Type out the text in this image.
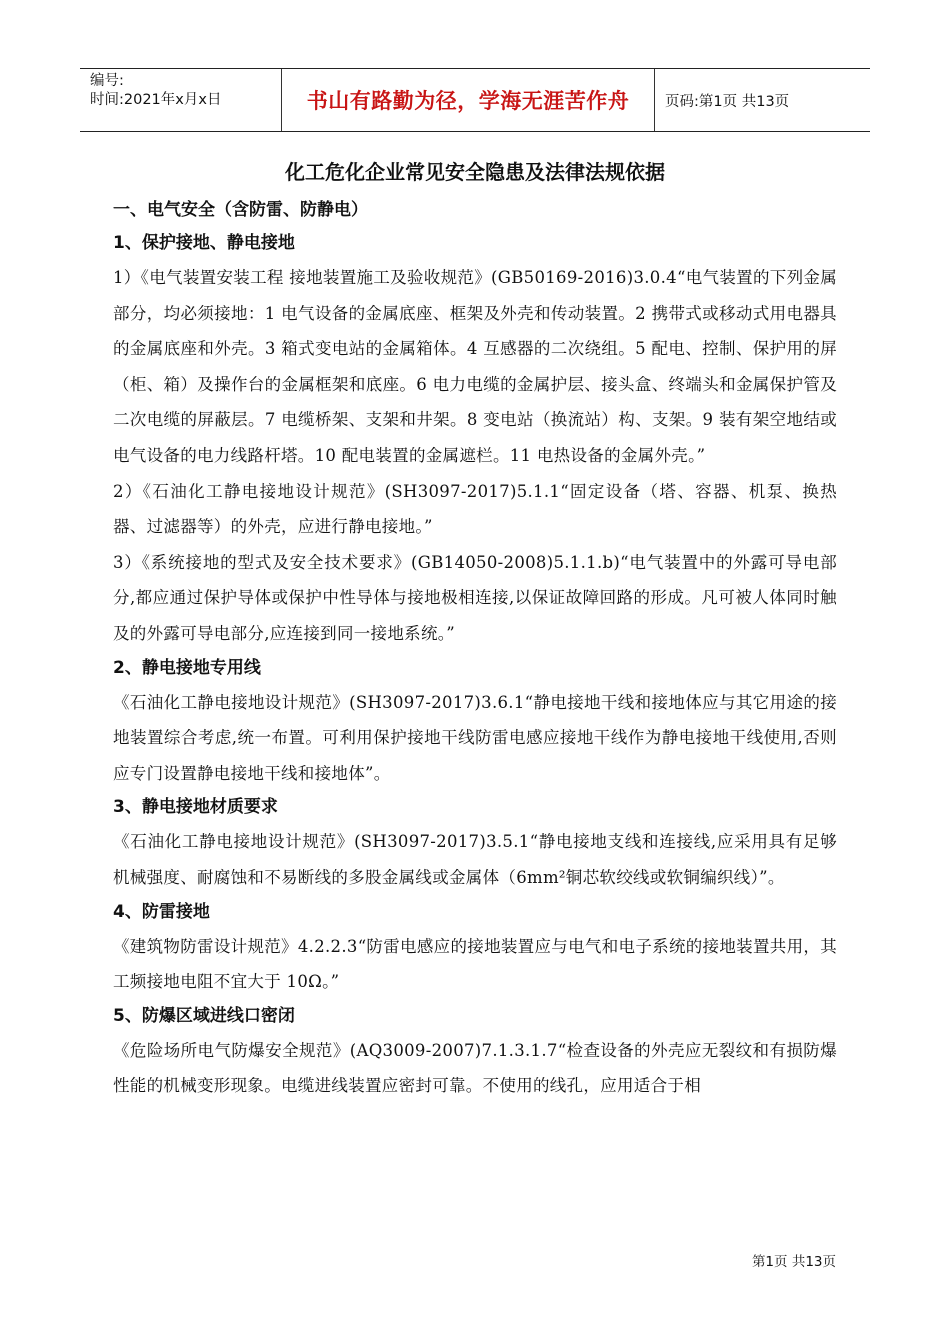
编号:
时间:2021年x月x日	书山有路勤为径，学海无涯苦作舟	页码:第1页 共13页
化工危化企业常见安全隐患及法律法规依据
一、电气安全（含防雷、防静电）
1、保护接地、静电接地

1）《电气装置安装工程 接地装置施工及验收规范》(GB50169-2016)3.0.4“电气装置的下列金属部分，均必须接地：1 电气设备的金属底座、框架及外壳和传动装置。2 携带式或移动式用电器具的金属底座和外壳。3 箱式变电站的金属箱体。4 互感器的二次绕组。5 配电、控制、保护用的屏（柜、箱）及操作台的金属框架和底座。6 电力电缆的金属护层、接头盒、终端头和金属保护管及二次电缆的屏蔽层。7 电缆桥架、支架和井架。8 变电站（换流站）构、支架。9 装有架空地结或电气设备的电力线路杆塔。10 配电装置的金属遮栏。11 电热设备的金属外壳。”

2）《石油化工静电接地设计规范》(SH3097-2017)5.1.1“固定设备（塔、容器、机泵、换热器、过滤器等）的外壳，应进行静电接地。”

3）《系统接地的型式及安全技术要求》(GB14050-2008)5.1.1.b)“电气装置中的外露可导电部分,都应通过保护导体或保护中性导体与接地极相连接,以保证故障回路的形成。凡可被人体同时触及的外露可导电部分,应连接到同一接地系统。”

2、静电接地专用线

《石油化工静电接地设计规范》(SH3097-2017)3.6.1“静电接地干线和接地体应与其它用途的接地装置综合考虑,统一布置。可利用保护接地干线防雷电感应接地干线作为静电接地干线使用,否则应专门设置静电接地干线和接地体”。

3、静电接地材质要求

《石油化工静电接地设计规范》(SH3097-2017)3.5.1“静电接地支线和连接线,应采用具有足够机械强度、耐腐蚀和不易断线的多股金属线或金属体（6mm²铜芯软绞线或软铜编织线）”。

4、防雷接地

《建筑物防雷设计规范》4.2.2.3“防雷电感应的接地装置应与电气和电子系统的接地装置共用，其工频接地电阻不宜大于 10Ω。”

5、防爆区域进线口密闭

《危险场所电气防爆安全规范》(AQ3009-2007)7.1.3.1.7“检查设备的外壳应无裂纹和有损防爆性能的机械变形现象。电缆进线装置应密封可靠。不使用的线孔，应用适合于相

第1页 共13页
